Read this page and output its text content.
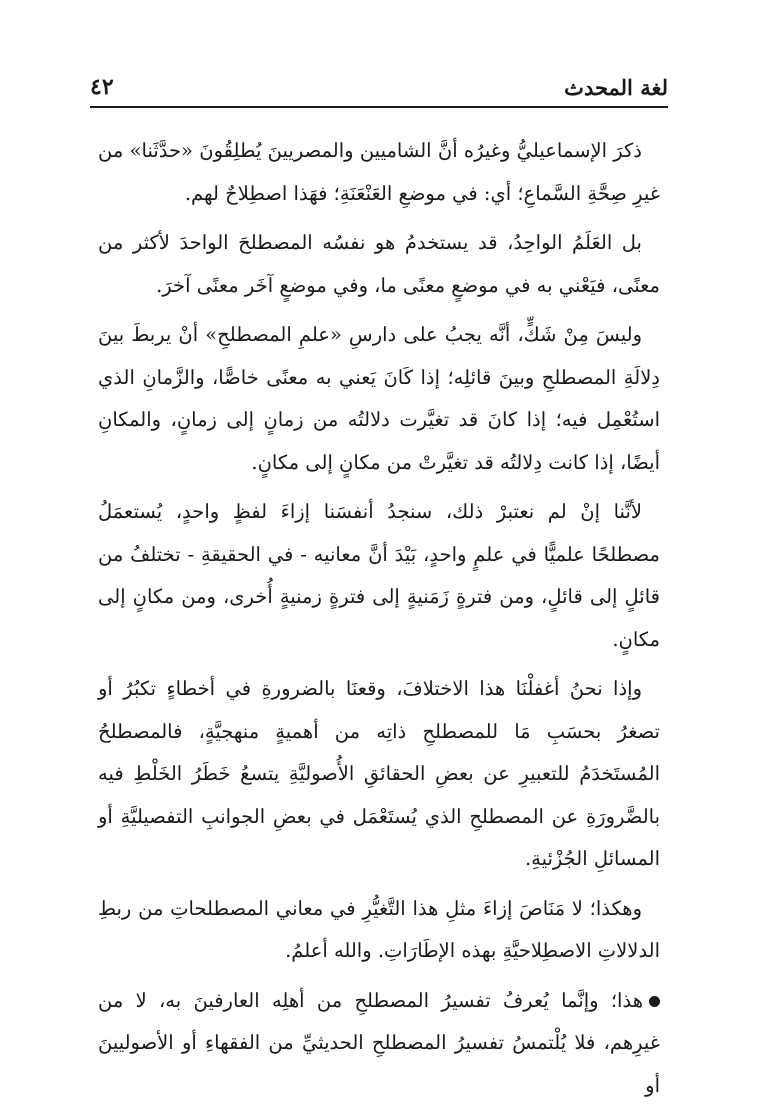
لغة المحدث
٤٢

ذكرَ الإسماعيليُّ وغيرُه أنَّ الشاميين والمصريينَ يُطلِقُونَ «حدَّثَنا» من غيرِ صِحَّةِ السَّماعِ؛ أي: في موضعِ العَنْعَنَةِ؛ فهَذا اصطِلاحٌ لهم.

بل العَلَمُ الواحِدُ، قد يستخدمُ هو نفسُه المصطلحَ الواحدَ لأكثر من معنًى، فيَعْني به في موضعٍ معنًى ما، وفي موضعٍ آخَر معنًى آخرَ.

وليسَ مِنْ شَكٍّ، أنَّه يجبُ على دارسِ «علمِ المصطلحِ» أنْ يربطَ بينَ دِلالَةِ المصطلحِ وبينَ قائلِه؛ إذا كَانَ يَعني به معنًى خاصًّا، والزَّمانِ الذي استُعْمِل فيه؛ إذا كانَ قد تغيَّرت دلالتُه من زمانٍ إلى زمانٍ، والمكانِ أيضًا، إذا كانت دِلالتُه قد تغيَّرتْ من مكانٍ إلى مكانٍ.

لأنَّنا إنْ لم نعتبرْ ذلك، سنجدُ أنفسَنا إزاءَ لفظٍ واحدٍ، يُستعمَلُ مصطلحًا علميًّا في علمٍ واحدٍ، بَيْدَ أنَّ معانيه - في الحقيقةِ - تختلفُ من قائلٍ إلى قائلٍ، ومن فترةٍ زَمَنيةٍ إلى فترةٍ زمنيةٍ أُخرى، ومن مكانٍ إلى مكانٍ.

وإذا نحنُ أغفلْنَا هذا الاختلافَ، وقعنَا بالضرورةِ في أخطاءٍ تكبُرُ أو تصغرُ بحسَبِ مَا للمصطلحِ ذاتِه من أهميةٍ منهجيَّةٍ، فالمصطلحُ المُستَخدَمُ للتعبيرِ عن بعضِ الحقائقِ الأُصوليَّةِ يتسعُ خَطَرُ الخَلْطِ فيه بالضَّرورَةِ عن المصطلحِ الذي يُستَعْمَل في بعضِ الجوانبِ التفصيليَّةِ أو المسائلِ الجُزْئيةِ.

وهكذا؛ لا مَنَاصَ إزاءَ مثلِ هذا التَّغيُّرِ في معاني المصطلحاتِ من ربطِ الدلالاتِ الاصطِلاحيَّةِ بهذه الإطَارَاتِ. والله أعلمُ.

هذا؛ وإنَّما يُعرفُ تفسيرُ المصطلحِ من أهلِه العارفينَ به، لا من غيرِهم، فلا يُلْتمسُ تفسيرُ المصطلحِ الحديثيِّ من الفقهاءِ أو الأصوليينَ أو
